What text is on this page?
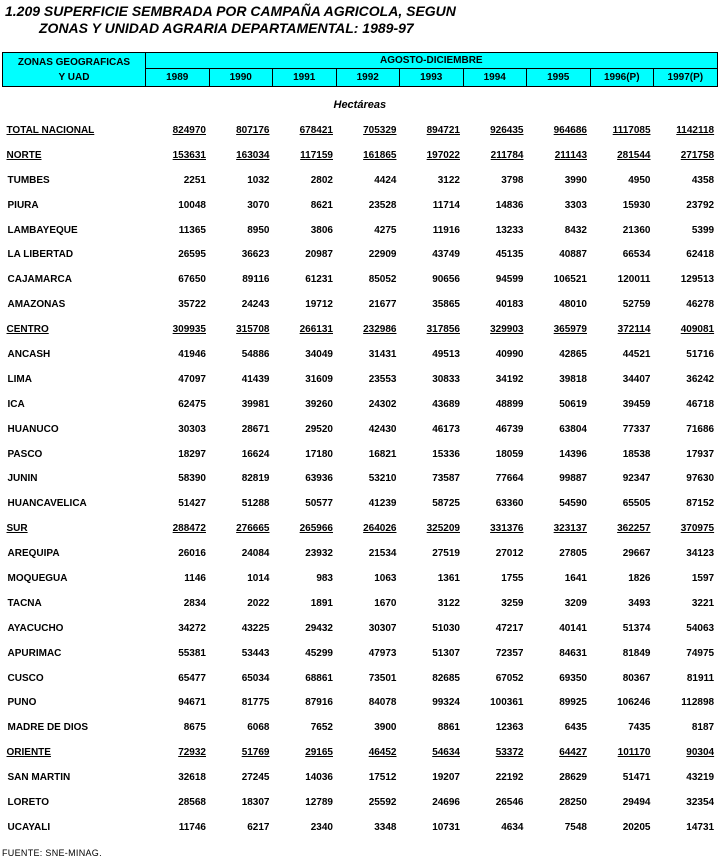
1.209 SUPERFICIE SEMBRADA POR CAMPAÑA AGRICOLA, SEGUN
ZONAS Y UNIDAD AGRARIA DEPARTAMENTAL: 1989-97
ZONAS GEOGRAFICAS
Y UAD	AGOSTO-DICIEMBRE								
	1989	1990	1991	1992	1993	1994	1995	1996(P)	1997(P)
Hectáreas									
TOTAL NACIONAL	824970	807176	678421	705329	894721	926435	964686	1117085	1142118
NORTE	153631	163034	117159	161865	197022	211784	211143	281544	271758
TUMBES	2251	1032	2802	4424	3122	3798	3990	4950	4358
PIURA	10048	3070	8621	23528	11714	14836	3303	15930	23792
LAMBAYEQUE	11365	8950	3806	4275	11916	13233	8432	21360	5399
LA LIBERTAD	26595	36623	20987	22909	43749	45135	40887	66534	62418
CAJAMARCA	67650	89116	61231	85052	90656	94599	106521	120011	129513
AMAZONAS	35722	24243	19712	21677	35865	40183	48010	52759	46278
CENTRO	309935	315708	266131	232986	317856	329903	365979	372114	409081
ANCASH	41946	54886	34049	31431	49513	40990	42865	44521	51716
LIMA	47097	41439	31609	23553	30833	34192	39818	34407	36242
ICA	62475	39981	39260	24302	43689	48899	50619	39459	46718
HUANUCO	30303	28671	29520	42430	46173	46739	63804	77337	71686
PASCO	18297	16624	17180	16821	15336	18059	14396	18538	17937
JUNIN	58390	82819	63936	53210	73587	77664	99887	92347	97630
HUANCAVELICA	51427	51288	50577	41239	58725	63360	54590	65505	87152
SUR	288472	276665	265966	264026	325209	331376	323137	362257	370975
AREQUIPA	26016	24084	23932	21534	27519	27012	27805	29667	34123
MOQUEGUA	1146	1014	983	1063	1361	1755	1641	1826	1597
TACNA	2834	2022	1891	1670	3122	3259	3209	3493	3221
AYACUCHO	34272	43225	29432	30307	51030	47217	40141	51374	54063
APURIMAC	55381	53443	45299	47973	51307	72357	84631	81849	74975
CUSCO	65477	65034	68861	73501	82685	67052	69350	80367	81911
PUNO	94671	81775	87916	84078	99324	100361	89925	106246	112898
MADRE DE DIOS	8675	6068	7652	3900	8861	12363	6435	7435	8187
ORIENTE	72932	51769	29165	46452	54634	53372	64427	101170	90304
SAN MARTIN	32618	27245	14036	17512	19207	22192	28629	51471	43219
LORETO	28568	18307	12789	25592	24696	26546	28250	29494	32354
UCAYALI	11746	6217	2340	3348	10731	4634	7548	20205	14731
FUENTE: SNE-MINAG.
